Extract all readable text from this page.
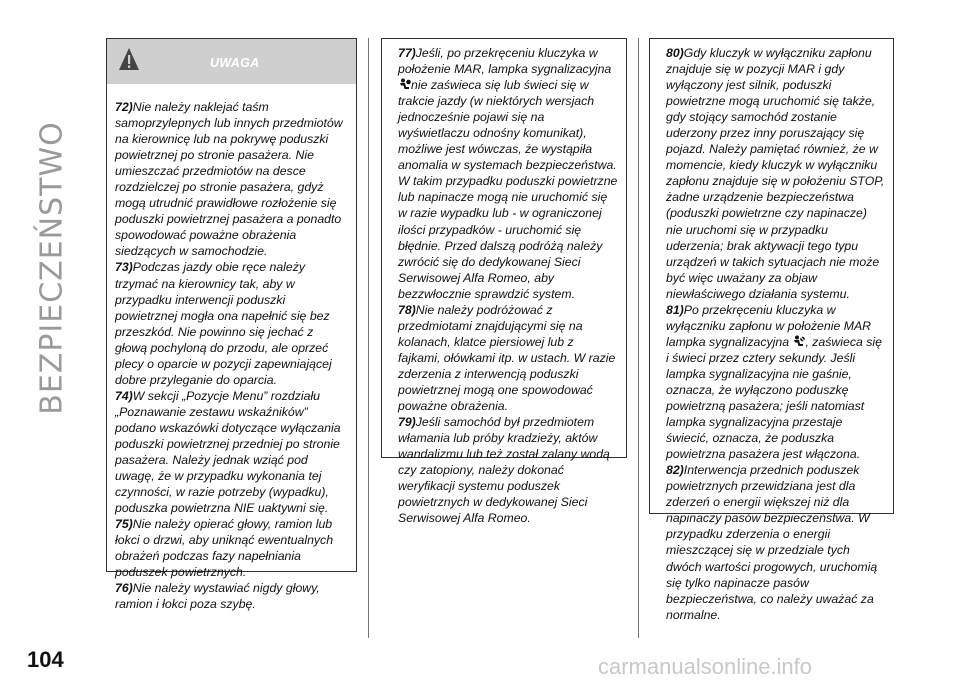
BEZPIECZEŃSTWO
104	carmanualsonline.info
UWAGA

72)Nie należy naklejać taśm samoprzylepnych lub innych przedmiotów na kierownicę lub na pokrywę poduszki powietrznej po stronie pasażera. Nie umieszczać przedmiotów na desce rozdzielczej po stronie pasażera, gdyż mogą utrudnić prawidłowe rozłożenie się poduszki powietrznej pasażera a ponadto spowodować poważne obrażenia siedzących w samochodzie.

73)Podczas jazdy obie ręce należy trzymać na kierownicy tak, aby w przypadku interwencji poduszki powietrznej mogła ona napełnić się bez przeszkód. Nie powinno się jechać z głową pochyloną do przodu, ale oprzeć plecy o oparcie w pozycji zapewniającej dobre przyleganie do oparcia.

74)W sekcji „Pozycje Menu” rozdziału „Poznawanie zestawu wskaźników” podano wskazówki dotyczące wyłączania poduszki powietrznej przedniej po stronie pasażera. Należy jednak wziąć pod uwagę, że w przypadku wykonania tej czynności, w razie potrzeby (wypadku), poduszka powietrzna NIE uaktywni się.

75)Nie należy opierać głowy, ramion lub łokci o drzwi, aby uniknąć ewentualnych obrażeń podczas fazy napełniania poduszek powietrznych.

76)Nie należy wystawiać nigdy głowy, ramion i łokci poza szybę.

77)Jeśli, po przekręceniu kluczyka w położenie MAR, lampka sygnalizacyjna nie zaświeca się lub świeci się w trakcie jazdy (w niektórych wersjach jednocześnie pojawi się na wyświetlaczu odnośny komunikat), możliwe jest wówczas, że wystąpiła anomalia w systemach bezpieczeństwa. W takim przypadku poduszki powietrzne lub napinacze mogą nie uruchomić się w razie wypadku lub - w ograniczonej ilości przypadków - uruchomić się błędnie. Przed dalszą podróżą należy zwrócić się do dedykowanej Sieci Serwisowej Alfa Romeo, aby bezzwłocznie sprawdzić system.

78)Nie należy podróżować z przedmiotami znajdującymi się na kolanach, klatce piersiowej lub z fajkami, ołówkami itp. w ustach. W razie zderzenia z interwencją poduszki powietrznej mogą one spowodować poważne obrażenia.

79)Jeśli samochód był przedmiotem włamania lub próby kradzieży, aktów wandalizmu lub też został zalany wodą czy zatopiony, należy dokonać weryfikacji systemu poduszek powietrznych w dedykowanej Sieci Serwisowej Alfa Romeo.

80)Gdy kluczyk w wyłączniku zapłonu znajduje się w pozycji MAR i gdy wyłączony jest silnik, poduszki powietrzne mogą uruchomić się także, gdy stojący samochód zostanie uderzony przez inny poruszający się pojazd. Należy pamiętać również, że w momencie, kiedy kluczyk w wyłączniku zapłonu znajduje się w położeniu STOP, żadne urządzenie bezpieczeństwa (poduszki powietrzne czy napinacze) nie uruchomi się w przypadku uderzenia; brak aktywacji tego typu urządzeń w takich sytuacjach nie może być więc uważany za objaw niewłaściwego działania systemu.

81)Po przekręceniu kluczyka w wyłączniku zapłonu w położenie MAR lampka sygnalizacyjna , zaświeca się i świeci przez cztery sekundy. Jeśli lampka sygnalizacyjna nie gaśnie, oznacza, że wyłączono poduszkę powietrzną pasażera; jeśli natomiast lampka sygnalizacyjna przestaje świecić, oznacza, że poduszka powietrzna pasażera jest włączona.

82)Interwencja przednich poduszek powietrznych przewidziana jest dla zderzeń o energii większej niż dla napinaczy pasów bezpieczeństwa. W przypadku zderzenia o energii mieszczącej się w przedziale tych dwóch wartości progowych, uruchomią się tylko napinacze pasów bezpieczeństwa, co należy uważać za normalne.
